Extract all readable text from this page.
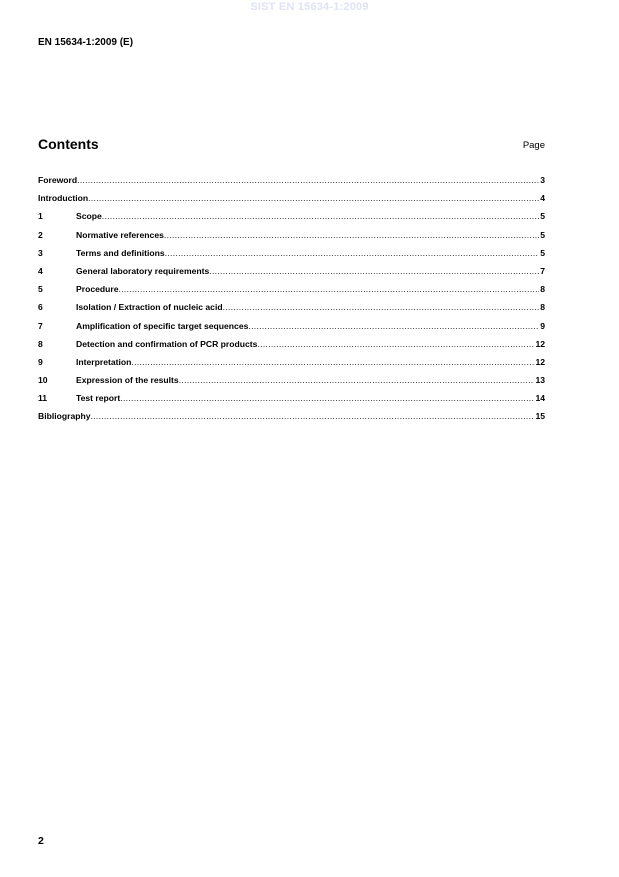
SIST EN 15634-1:2009
EN 15634-1:2009 (E)
Contents	Page
Foreword .....	3
Introduction .....	4
1	Scope .....	5
2	Normative references .....	5
3	Terms and definitions .....	5
4	General laboratory requirements .....	7
5	Procedure .....	8
6	Isolation / Extraction of nucleic acid .....	8
7	Amplification of specific target sequences .....	9
8	Detection and confirmation of PCR products .....	12
9	Interpretation .....	12
10	Expression of the results .....	13
11	Test report .....	14
Bibliography .....	15
2
